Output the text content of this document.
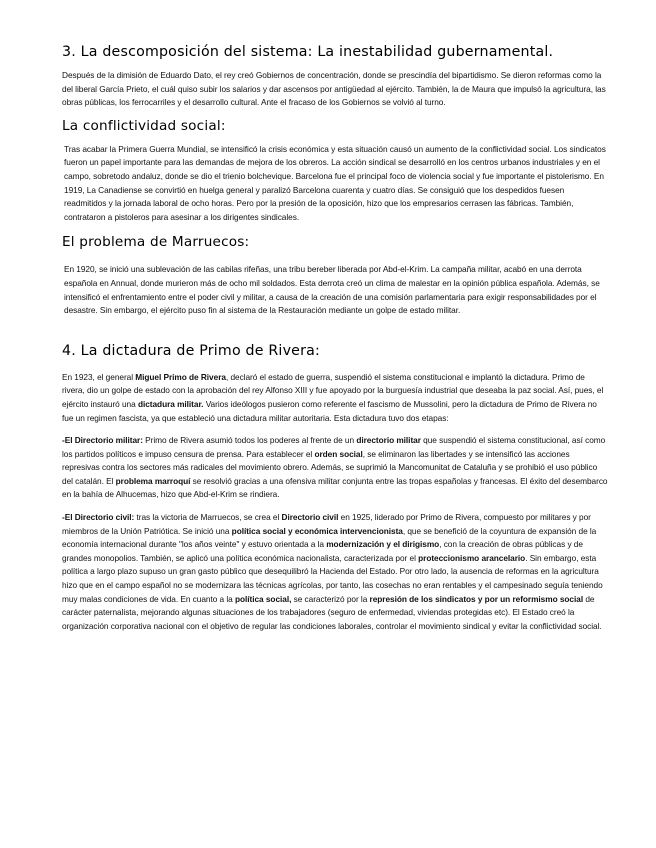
3. La descomposición del sistema: La inestabilidad gubernamental.

Después de la dimisión de Eduardo Dato, el rey creó Gobiernos de concentración, donde se prescindía del bipartidismo. Se dieron reformas como la del liberal García Prieto, el cuál quiso subir los salarios y dar ascensos por antigüedad al ejército. También, la de Maura que impulsó la agricultura, las obras públicas, los ferrocarriles y el desarrollo cultural. Ante el fracaso de los Gobiernos se volvió al turno.

La conflictividad social:

Tras acabar la Primera Guerra Mundial, se intensificó la crisis económica y esta situación causó un aumento de la conflictividad social. Los sindicatos fueron un papel importante para las demandas de mejora de los obreros. La acción sindical se desarrolló en los centros urbanos industriales y en el campo, sobretodo andaluz, donde se dio el trienio bolchevique. Barcelona fue el principal foco de violencia social y fue importante el pistolerismo. En 1919, La Canadiense se convirtió en huelga general y paralizó Barcelona cuarenta y cuatro días. Se consiguió que los despedidos fuesen readmitidos y la jornada laboral de ocho horas. Pero por la presión de la oposición, hizo que los empresarios cerrasen las fábricas. También, contrataron a pistoleros para asesinar a los dirigentes sindicales.

El problema de Marruecos:

En 1920, se inició una sublevación de las cabilas rifeñas, una tribu bereber liberada por Abd-el-Krim. La campaña militar, acabó en una derrota española en Annual, donde murieron más de ocho mil soldados. Esta derrota creó un clima de malestar en la opinión pública española. Además, se intensificó el enfrentamiento entre el poder civil y militar, a causa de la creación de una comisión parlamentaria para exigir responsabilidades por el desastre. Sin embargo, el ejército puso fin al sistema de la Restauración mediante un golpe de estado militar.

4. La dictadura de Primo de Rivera:

En 1923, el general Miguel Primo de Rivera, declaró el estado de guerra, suspendió el sistema constitucional e implantó la dictadura. Primo de rivera, dio un golpe de estado con la aprobación del rey Alfonso XIII y fue apoyado por la burguesía industrial que deseaba la paz social. Así, pues, el ejército instauró una dictadura militar. Varios ideólogos pusieron como referente el fascismo de Mussolini, pero la dictadura de Primo de Rivera no fue un regimen fascista, ya que estableció una dictadura militar autoritaria. Esta dictadura tuvo dos etapas:

-El Directorio militar: Primo de Rivera asumió todos los poderes al frente de un directorio militar que suspendió el sistema constitucional, así como los partidos políticos e impuso censura de prensa. Para establecer el orden social, se eliminaron las libertades y se intensificó las acciones represivas contra los sectores más radicales del movimiento obrero. Además, se suprimió la Mancomunitat de Cataluña y se prohibió el uso público del catalán. El problema marroquí se resolvió gracias a una ofensiva militar conjunta entre las tropas españolas y francesas. El éxito del desembarco en la bahía de Alhucemas, hizo que Abd-el-Krim se rindiera.

-El Directorio civil: tras la victoria de Marruecos, se crea el Directorio civil en 1925, liderado por Primo de Rivera, compuesto por militares y por miembros de la Unión Patriótica. Se inició una política social y económica intervencionista, que se benefició de la coyuntura de expansión de la economía internacional durante "los años veinte" y estuvo orientada a la modernización y el dirigismo, con la creación de obras públicas y de grandes monopolios. También, se aplicó una política económica nacionalista, caracterizada por el proteccionismo arancelario. Sin embargo, esta política a largo plazo supuso un gran gasto público que desequilibró la Hacienda del Estado. Por otro lado, la ausencia de reformas en la agricultura hizo que en el campo español no se modernizara las técnicas agrícolas, por tanto, las cosechas no eran rentables y el campesinado seguía teniendo muy malas condiciones de vida. En cuanto a la política social, se caracterizó por la represión de los sindicatos y por un reformismo social de carácter paternalista, mejorando algunas situaciones de los trabajadores (seguro de enfermedad, viviendas protegidas etc). El Estado creó la organización corporativa nacional con el objetivo de regular las condiciones laborales, controlar el movimiento sindical y evitar la conflictividad social.
